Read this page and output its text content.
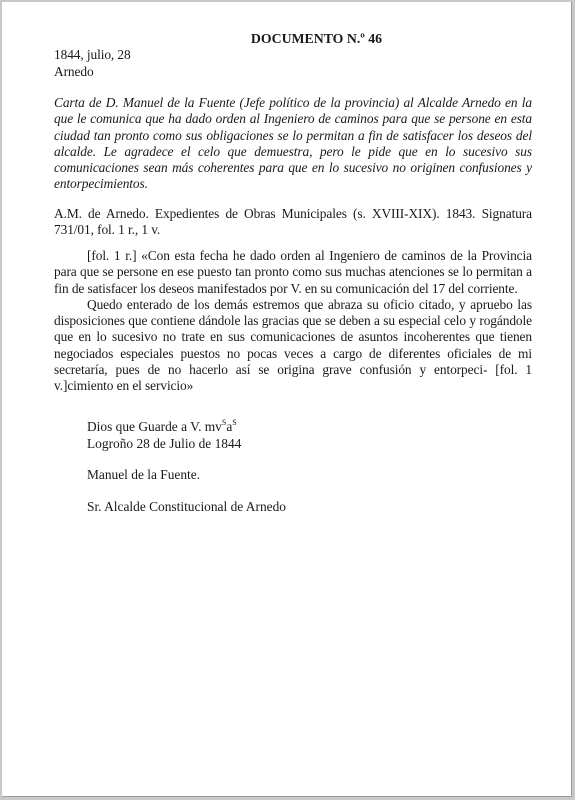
DOCUMENTO N.º 46
1844, julio, 28
Arnedo

Carta de D. Manuel de la Fuente (Jefe político de la provincia) al Alcalde Arnedo en la que le comunica que ha dado orden al Ingeniero de caminos para que se persone en esta ciudad tan pronto como sus obligaciones se lo permitan a fin de satisfacer los deseos del alcalde. Le agradece el celo que demuestra, pero le pide que en lo sucesivo sus comunicaciones sean más coherentes para que en lo sucesivo no originen confusiones y entorpecimientos.

A.M. de Arnedo. Expedientes de Obras Municipales (s. XVIII-XIX). 1843. Signatura 731/01, fol. 1 r., 1 v.

[fol. 1 r.] «Con esta fecha he dado orden al Ingeniero de caminos de la Provincia para que se persone en ese puesto tan pronto como sus muchas atenciones se lo permitan a fin de satisfacer los deseos manifestados por V. en su comunicación del 17 del corriente.

Quedo enterado de los demás estremos que abraza su oficio citado, y apruebo las disposiciones que contiene dándole las gracias que se deben a su especial celo y rogándole que en lo sucesivo no trate en sus comunicaciones de asuntos incoherentes que tienen negociados especiales puestos no pocas veces a cargo de diferentes oficiales de mi secretaría, pues de no hacerlo así se origina grave confusión y entorpeci- [fol. 1 v.]cimiento en el servicio»

Dios que Guarde a V. $mv^Sa^S$
Logroño 28 de Julio de 1844
Manuel de la Fuente.
Sr. Alcalde Constitucional de Arnedo
